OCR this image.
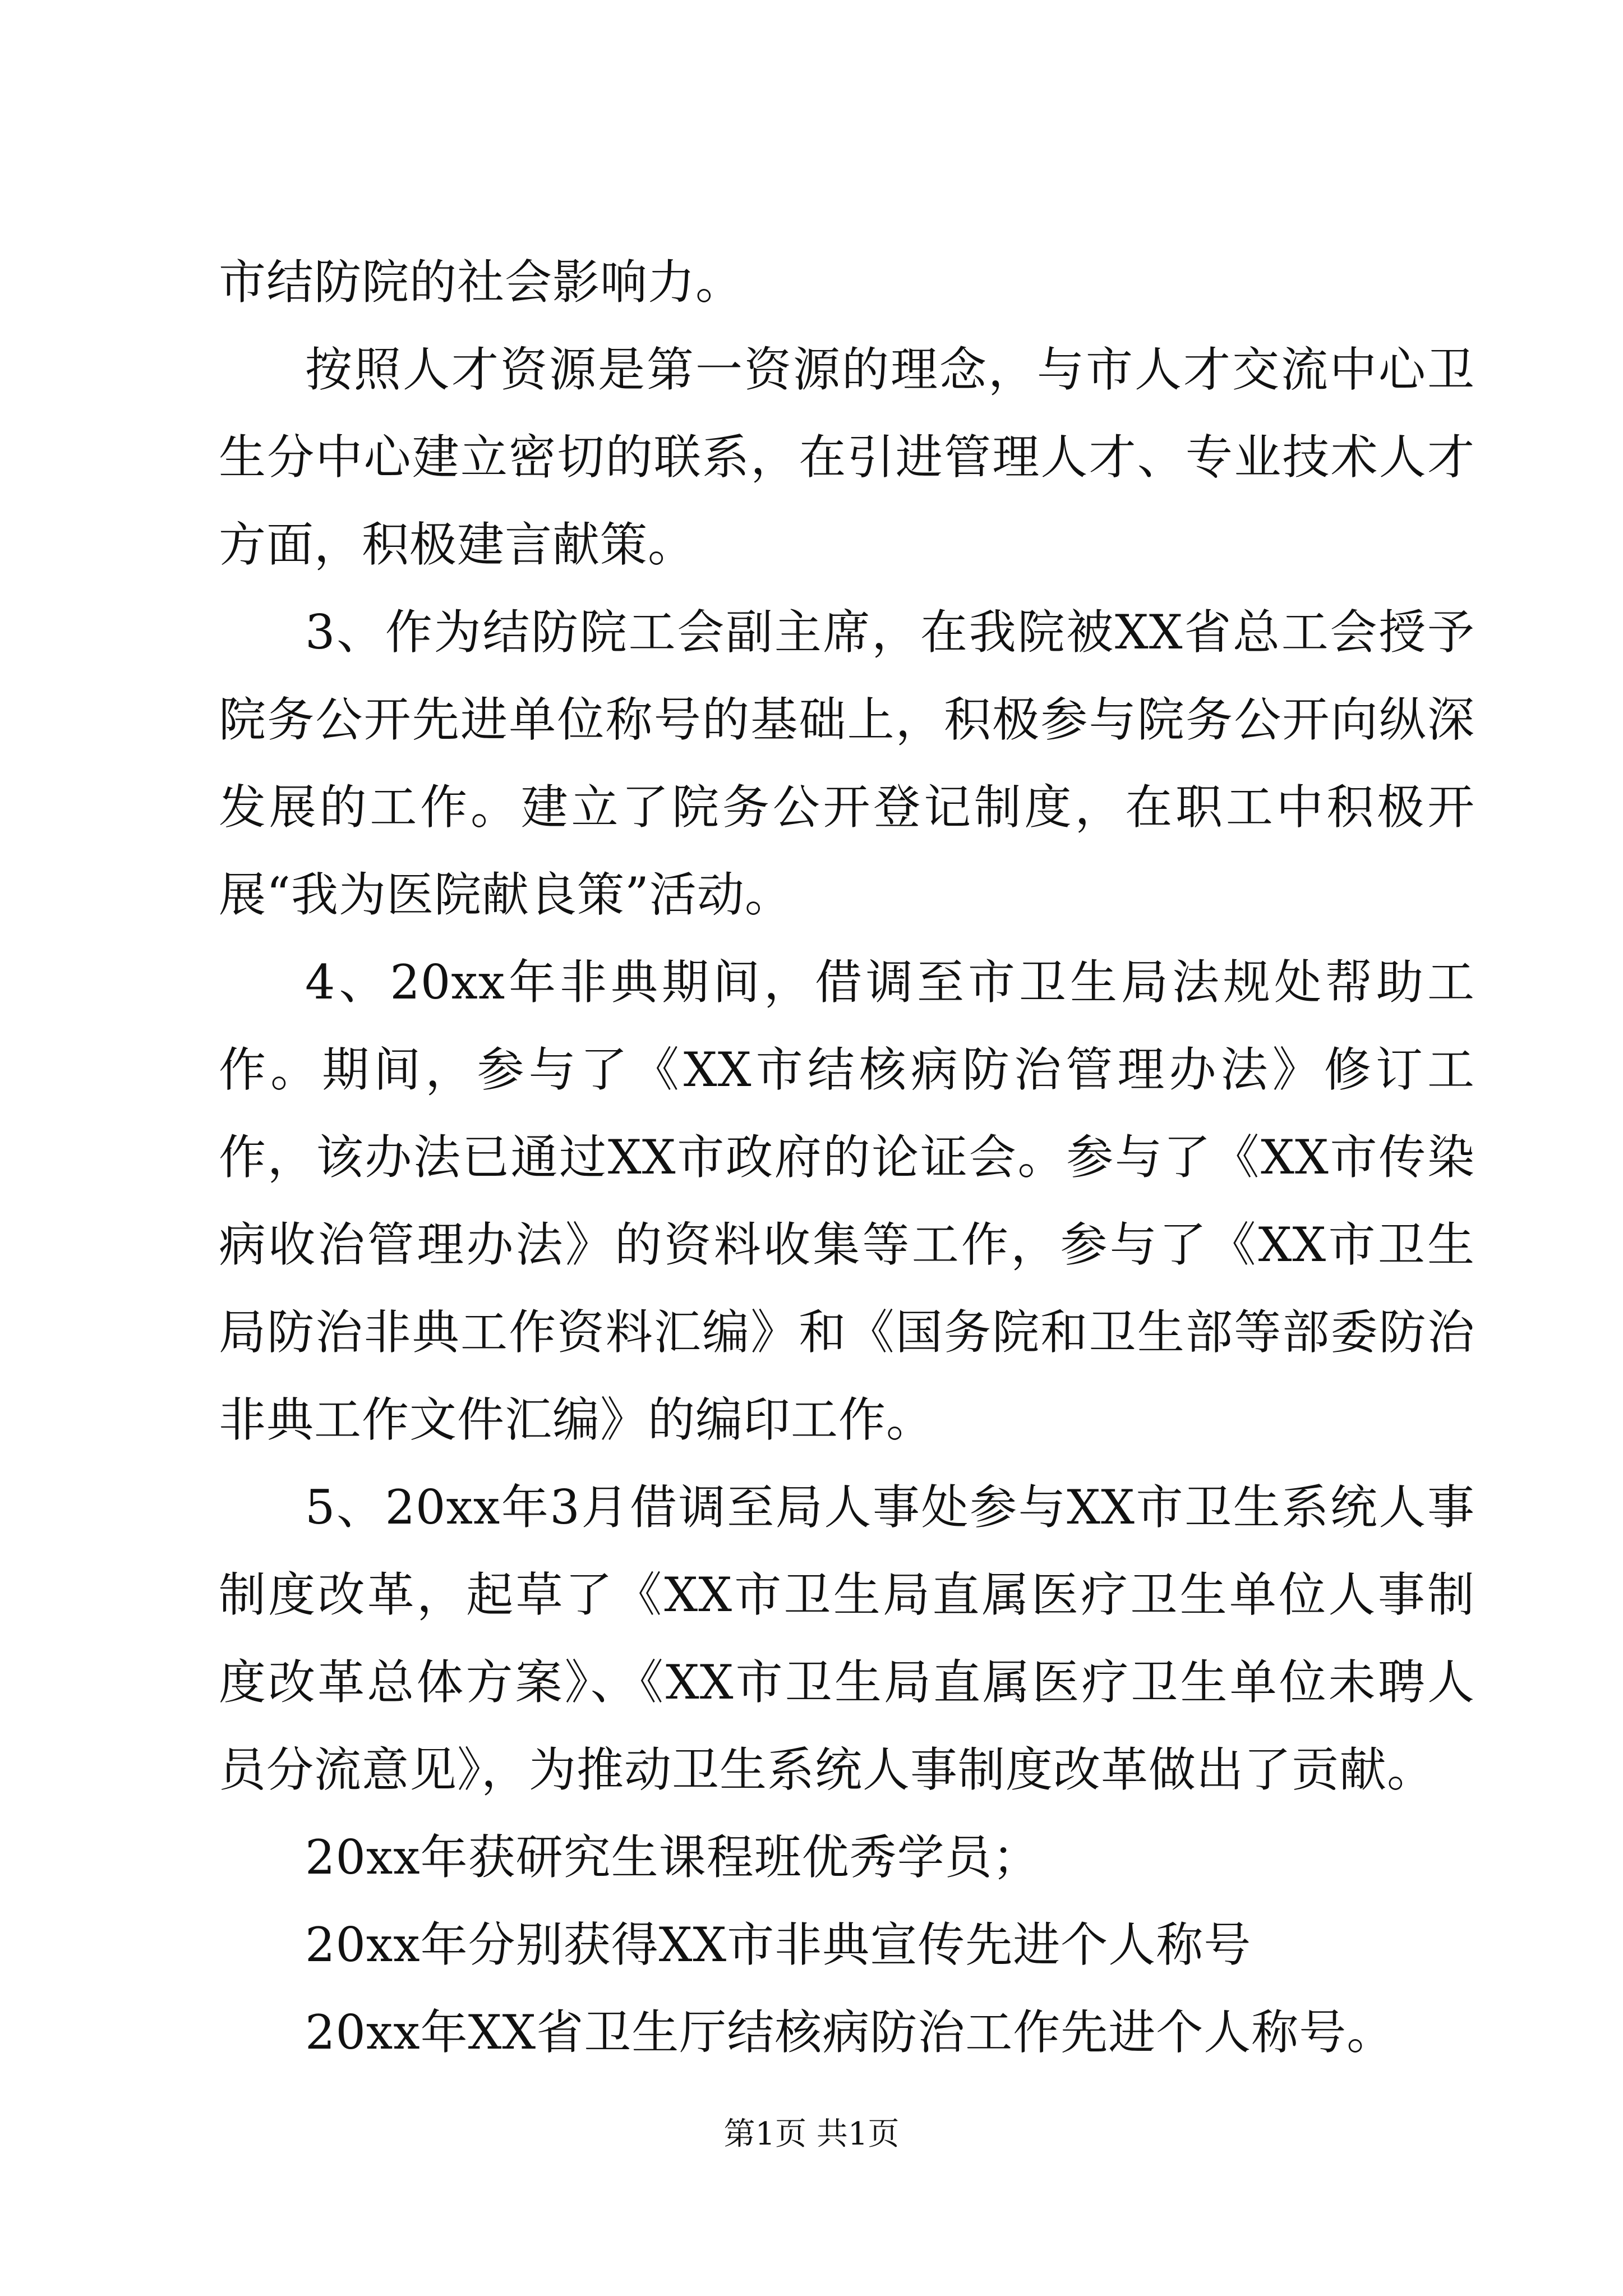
市结防院的社会影响力。

按照人才资源是第一资源的理念，与市人才交流中心卫生分中心建立密切的联系，在引进管理人才、专业技术人才方面，积极建言献策。

3、作为结防院工会副主席，在我院被XX省总工会授予院务公开先进单位称号的基础上，积极参与院务公开向纵深发展的工作。建立了院务公开登记制度，在职工中积极开展“我为医院献良策”活动。

4、20xx年非典期间，借调至市卫生局法规处帮助工作。期间，参与了《XX市结核病防治管理办法》修订工作，该办法已通过XX市政府的论证会。参与了《XX市传染病收治管理办法》的资料收集等工作，参与了《XX市卫生局防治非典工作资料汇编》和《国务院和卫生部等部委防治非典工作文件汇编》的编印工作。

5、20xx年3月借调至局人事处参与XX市卫生系统人事制度改革，起草了《XX市卫生局直属医疗卫生单位人事制度改革总体方案》、《XX市卫生局直属医疗卫生单位未聘人员分流意见》，为推动卫生系统人事制度改革做出了贡献。

20xx年获研究生课程班优秀学员；

20xx年分别获得XX市非典宣传先进个人称号

20xx年XX省卫生厅结核病防治工作先进个人称号。

第1页 共1页
